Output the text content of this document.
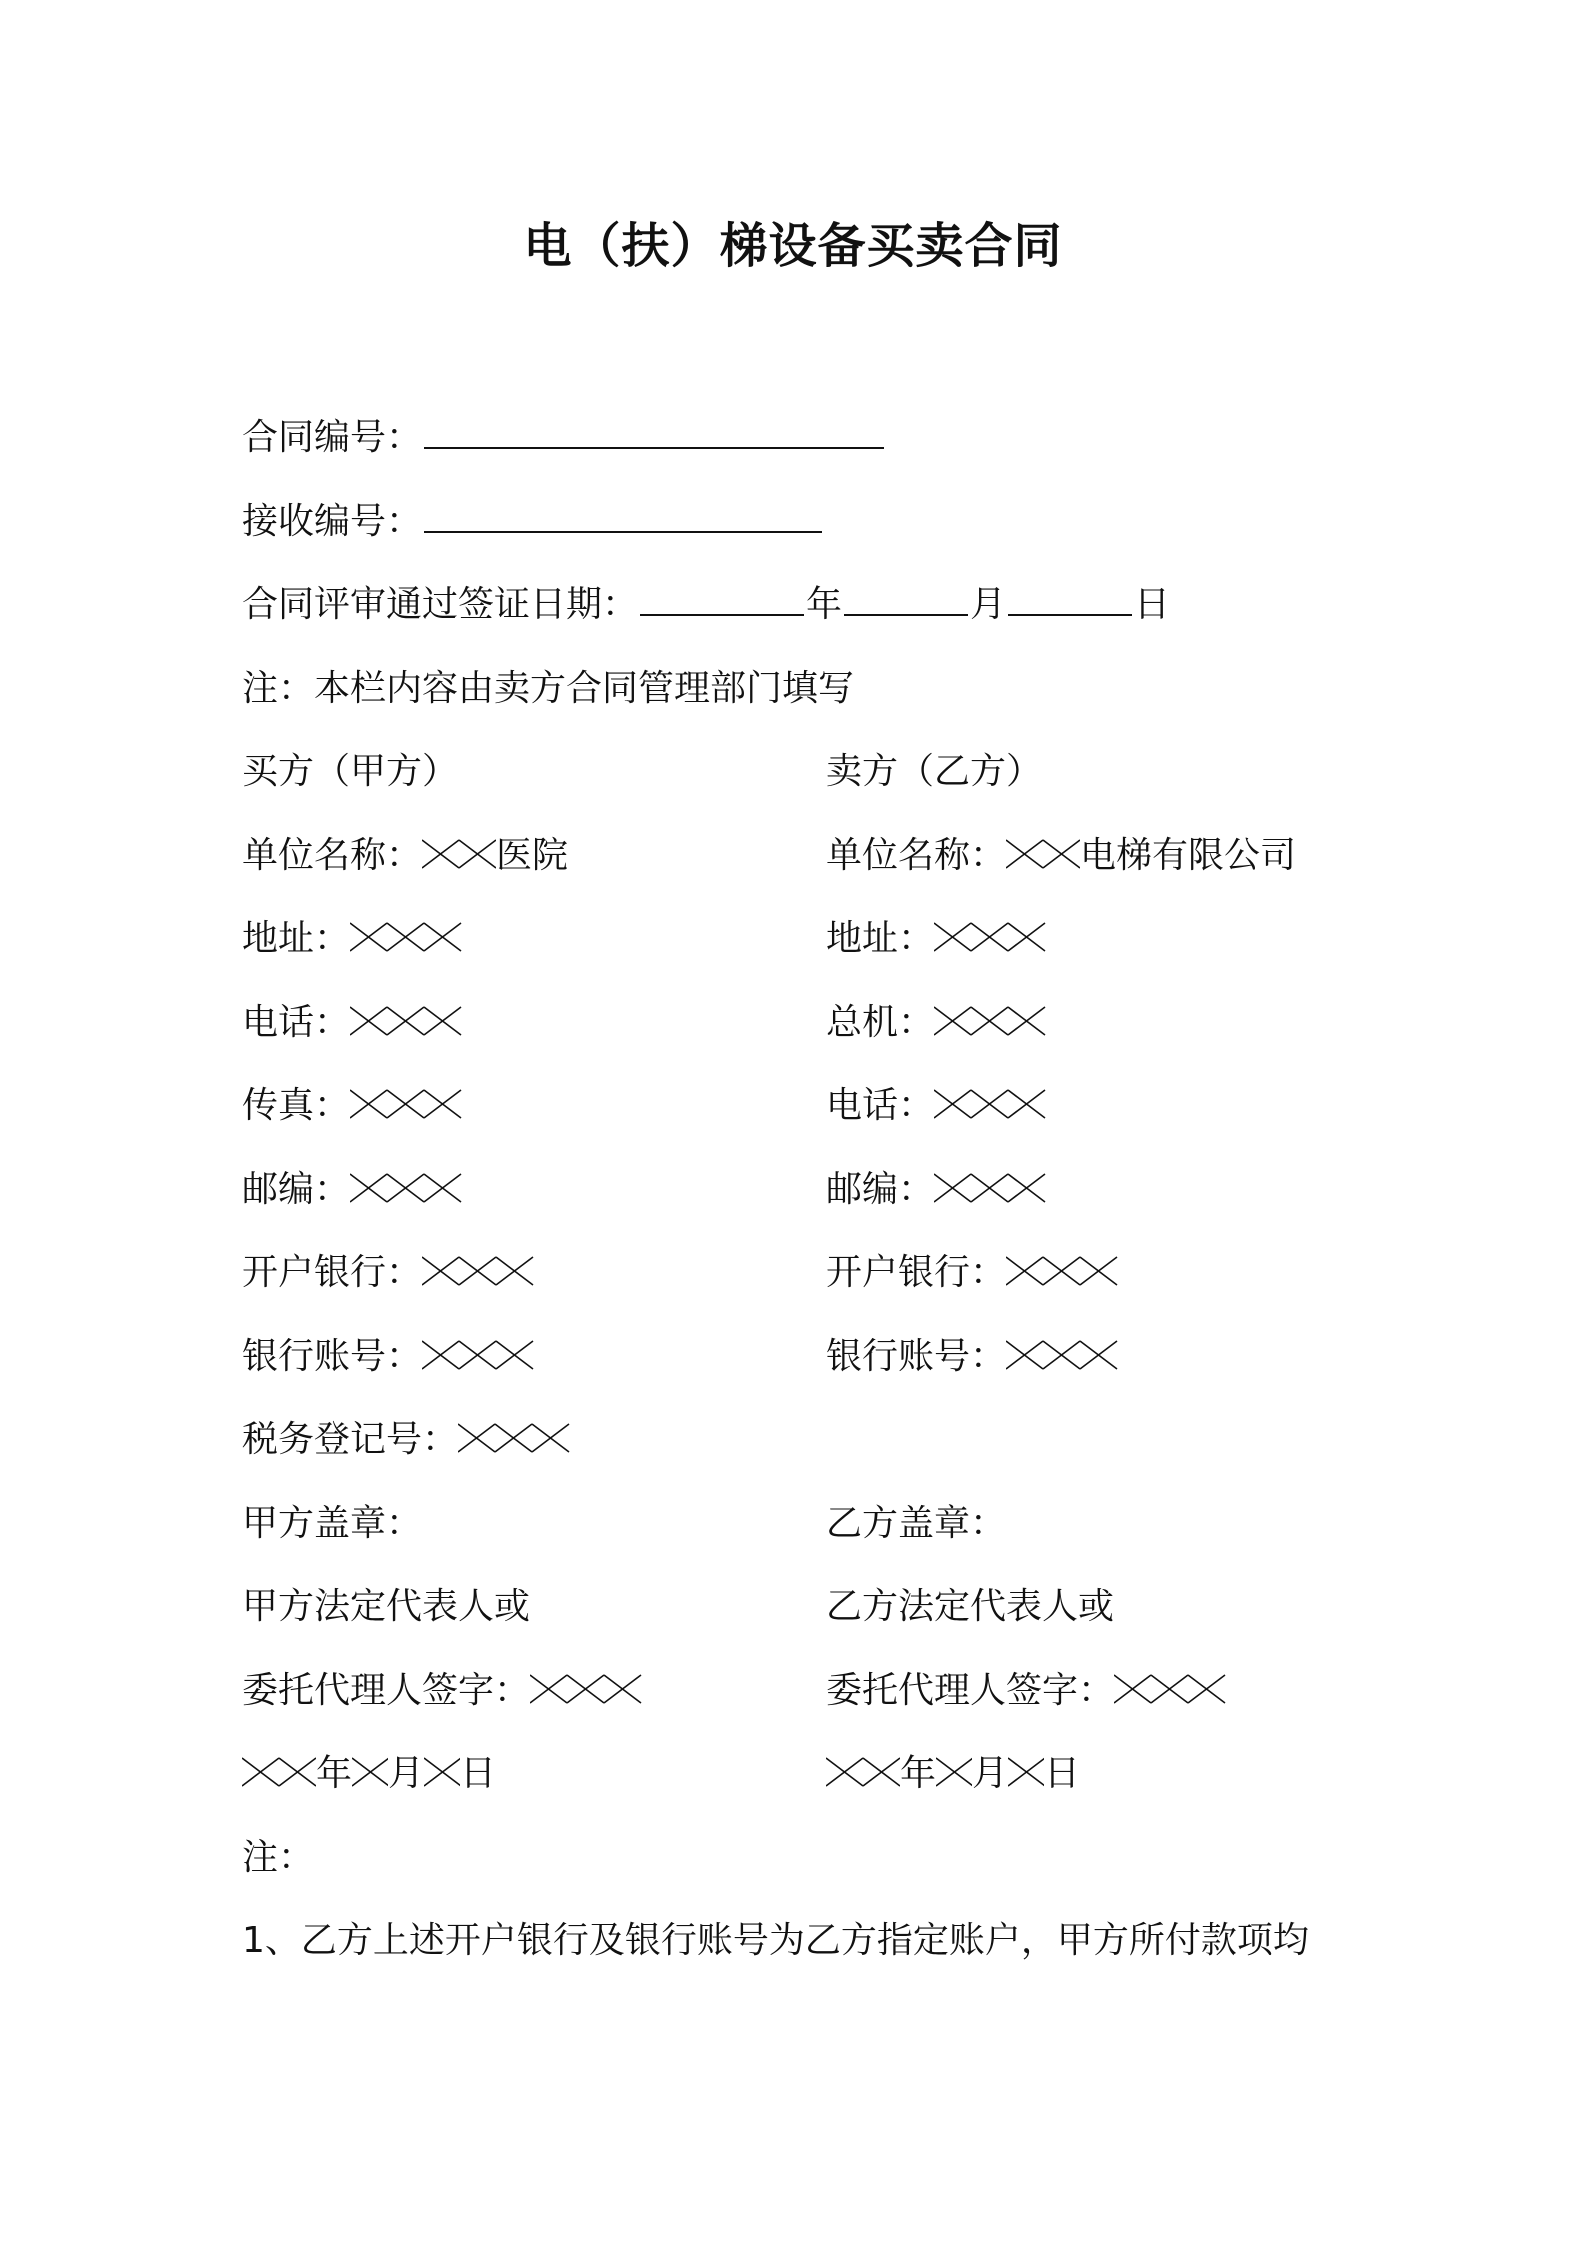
电（扶）梯设备买卖合同
合同编号：
接收编号：
合同评审通过签证日期：	年	月	日
注：本栏内容由卖方合同管理部门填写
买方（甲方）	卖方（乙方）
单位名称： 医院	单位名称： 电梯有限公司
地址：	地址：
电话：	总机：
传真：	电话：
邮编：	邮编：
开户银行：	开户银行：
银行账号：	银行账号：
税务登记号：
甲方盖章：	乙方盖章：
甲方法定代表人或	乙方法定代表人或
委托代理人签字：	委托代理人签字：
年 月 日	年 月 日
注：
1、乙方上述开户银行及银行账号为乙方指定账户，甲方所付款项均
